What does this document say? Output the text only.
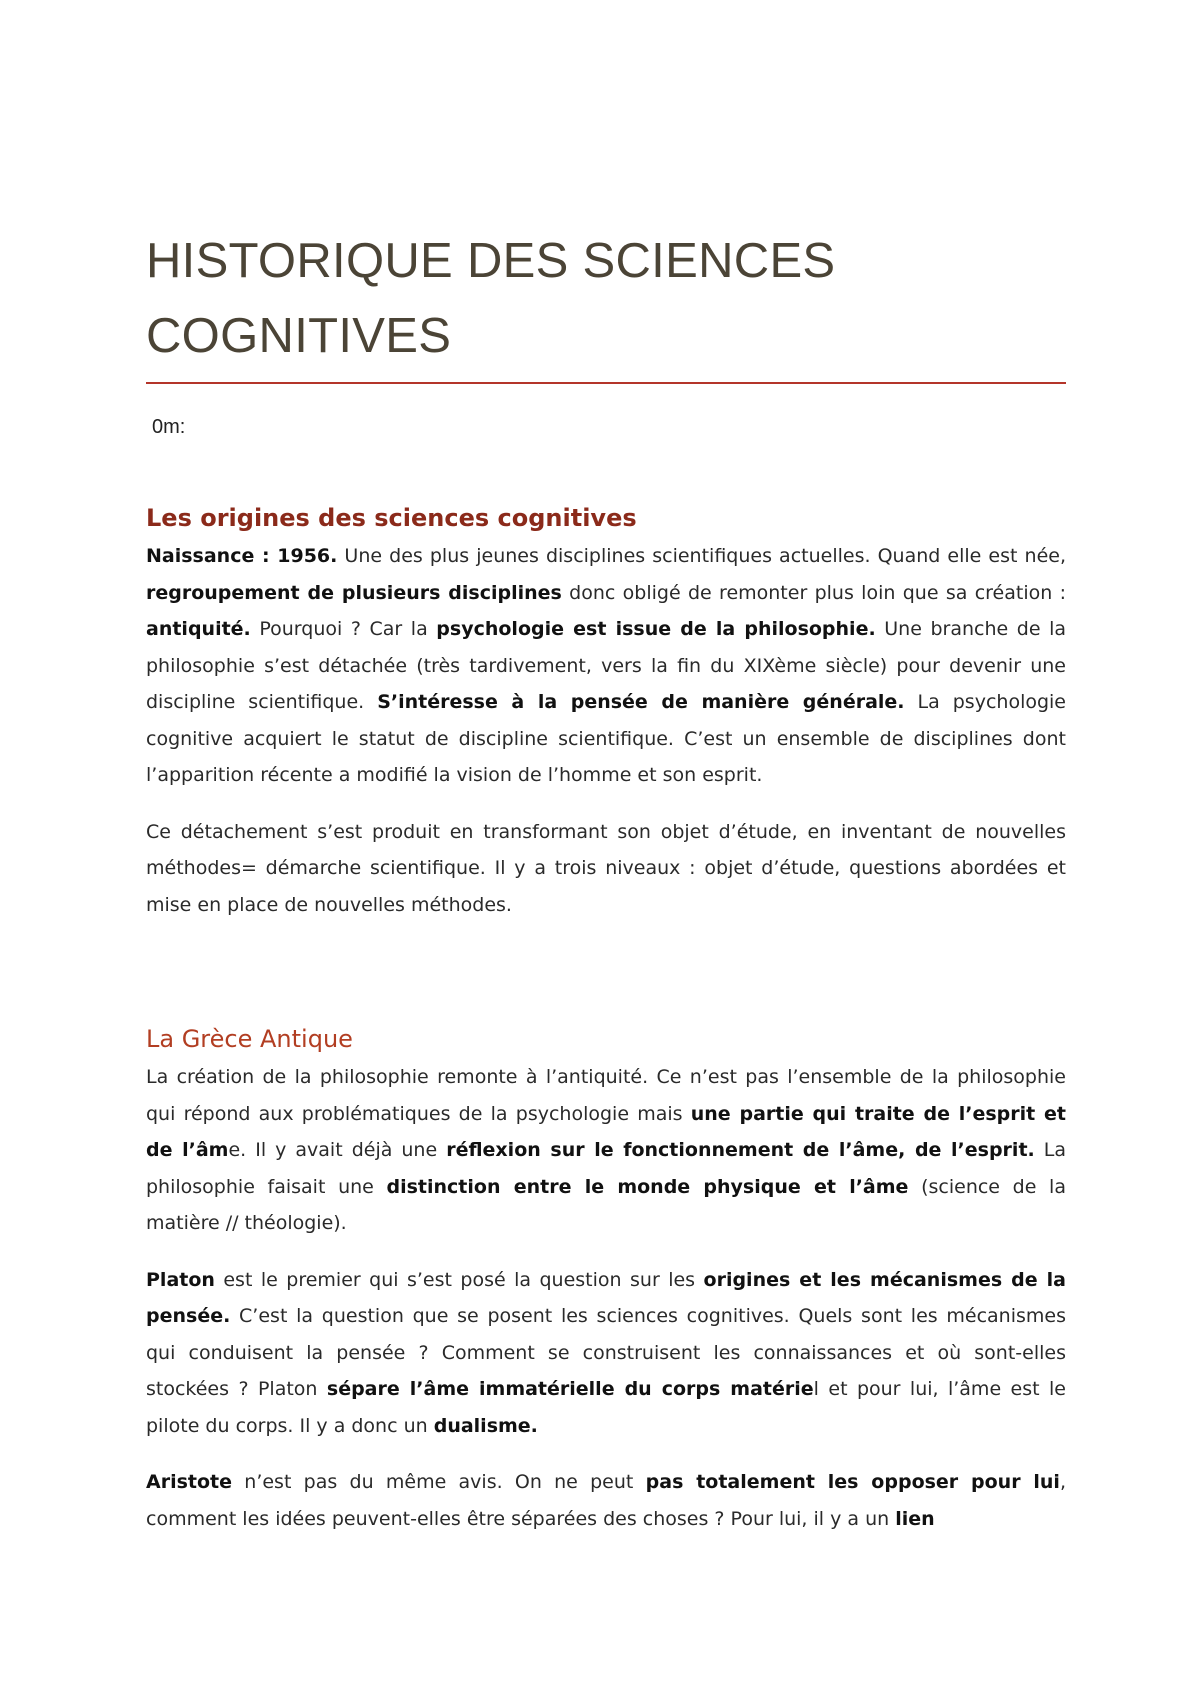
HISTORIQUE DES SCIENCES
COGNITIVES
0m:
Les origines des sciences cognitives

Naissance : 1956. Une des plus jeunes disciplines scientifiques actuelles. Quand elle est née, regroupement de plusieurs disciplines donc obligé de remonter plus loin que sa création : antiquité. Pourquoi ? Car la psychologie est issue de la philosophie. Une branche de la philosophie s’est détachée (très tardivement, vers la fin du XIXème siècle) pour devenir une discipline scientifique. S’intéresse à la pensée de manière générale. La psychologie cognitive acquiert le statut de discipline scientifique. C’est un ensemble de disciplines dont l’apparition récente a modifié la vision de l’homme et son esprit.

Ce détachement s’est produit en transformant son objet d’étude, en inventant de nouvelles méthodes= démarche scientifique. Il y a trois niveaux : objet d’étude, questions abordées et mise en place de nouvelles méthodes.

La Grèce Antique

La création de la philosophie remonte à l’antiquité. Ce n’est pas l’ensemble de la philosophie qui répond aux problématiques de la psychologie mais une partie qui traite de l’esprit et de l’âme. Il y avait déjà une réflexion sur le fonctionnement de l’âme, de l’esprit. La philosophie faisait une distinction entre le monde physique et l’âme (science de la matière // théologie).

Platon est le premier qui s’est posé la question sur les origines et les mécanismes de la pensée. C’est la question que se posent les sciences cognitives. Quels sont les mécanismes qui conduisent la pensée ? Comment se construisent les connaissances et où sont-elles stockées ? Platon sépare l’âme immatérielle du corps matériel et pour lui, l’âme est le pilote du corps. Il y a donc un dualisme.

Aristote n’est pas du même avis. On ne peut pas totalement les opposer pour lui, comment les idées peuvent-elles être séparées des choses ? Pour lui, il y a un lien
